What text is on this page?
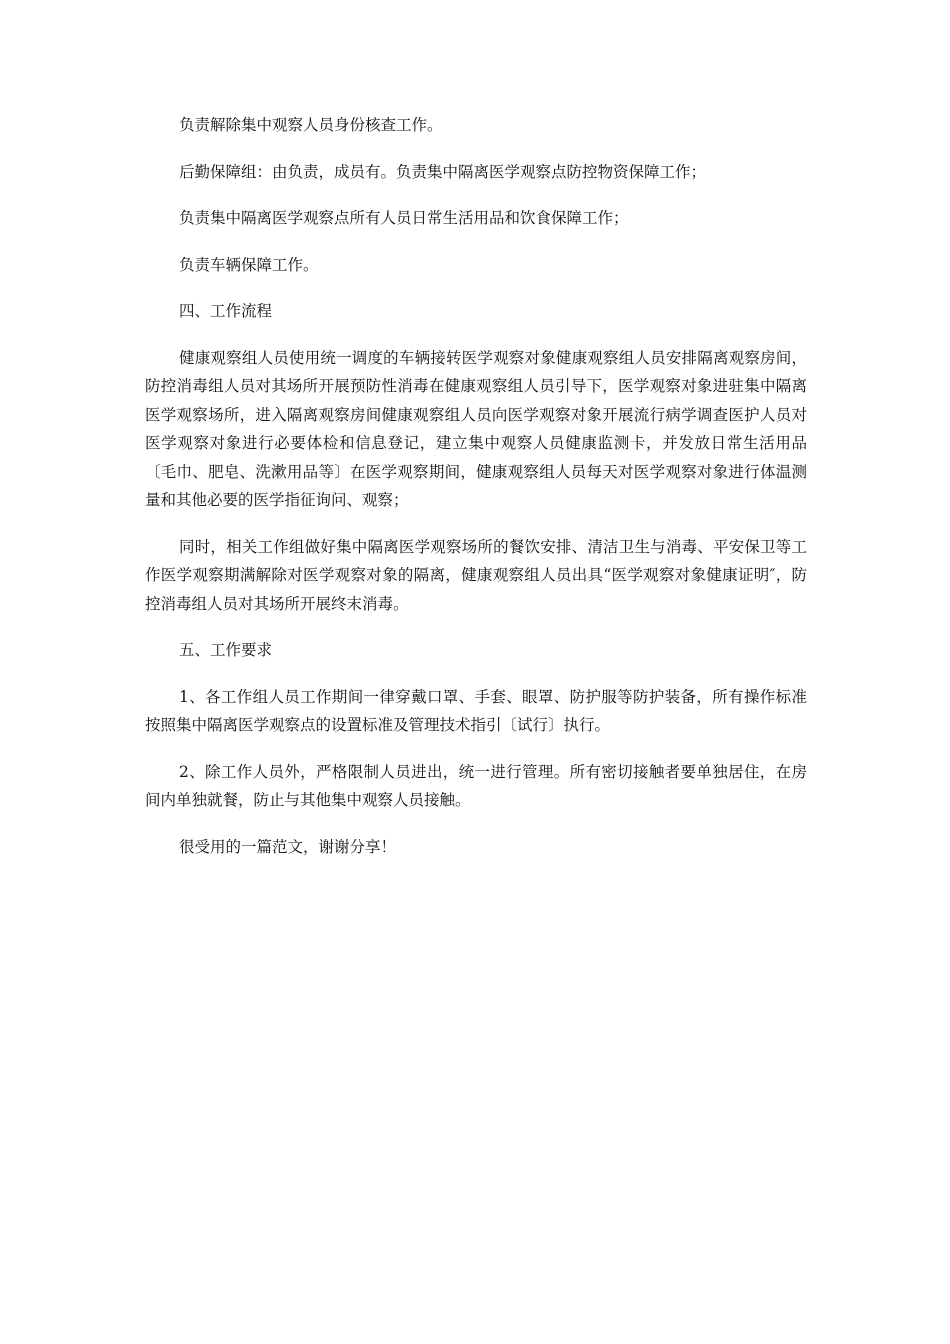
负责解除集中观察人员身份核查工作。

后勤保障组：由负责，成员有。负责集中隔离医学观察点防控物资保障工作；

负责集中隔离医学观察点所有人员日常生活用品和饮食保障工作；

负责车辆保障工作。

四、工作流程

健康观察组人员使用统一调度的车辆接转医学观察对象健康观察组人员安排隔离观察房间，防控消毒组人员对其场所开展预防性消毒在健康观察组人员引导下，医学观察对象进驻集中隔离医学观察场所，进入隔离观察房间健康观察组人员向医学观察对象开展流行病学调查医护人员对医学观察对象进行必要体检和信息登记，建立集中观察人员健康监测卡，并发放日常生活用品〔毛巾、肥皂、洗漱用品等〕在医学观察期间，健康观察组人员每天对医学观察对象进行体温测量和其他必要的医学指征询问、观察；

同时，相关工作组做好集中隔离医学观察场所的餐饮安排、清洁卫生与消毒、平安保卫等工作医学观察期满解除对医学观察对象的隔离，健康观察组人员出具“医学观察对象健康证明″，防控消毒组人员对其场所开展终末消毒。

五、工作要求

1、各工作组人员工作期间一律穿戴口罩、手套、眼罩、防护服等防护装备，所有操作标准按照集中隔离医学观察点的设置标准及管理技术指引〔试行〕执行。

2、除工作人员外，严格限制人员进出，统一进行管理。所有密切接触者要单独居住，在房间内单独就餐，防止与其他集中观察人员接触。

很受用的一篇范文，谢谢分享！
